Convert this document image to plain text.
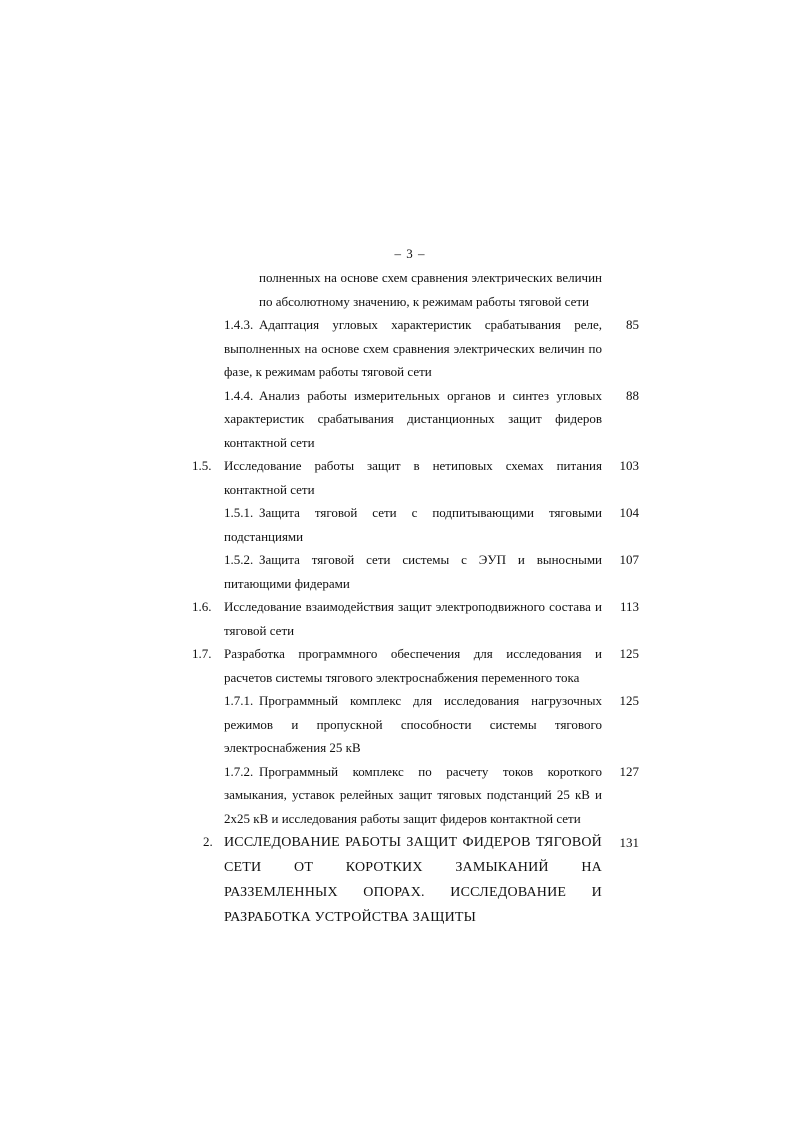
– 3 –
полненных на основе схем сравнения электрических величин по абсолютному значению, к режимам работы тяговой сети
1.4.3. Адаптация угловых характеристик срабатывания реле, выполненных на основе схем сравнения электрических величин по фазе, к режимам работы тяговой сети
85
1.4.4. Анализ работы измерительных органов и синтез угловых характеристик срабатывания дистанционных защит фидеров контактной сети
88
1.5. Исследование работы защит в нетиповых схемах питания контактной сети
103
1.5.1. Защита тяговой сети с подпитывающими тяговыми подстанциями
104
1.5.2. Защита тяговой сети системы с ЭУП и выносными питающими фидерами
107
1.6. Исследование взаимодействия защит электроподвижного состава и тяговой сети
113
1.7. Разработка программного обеспечения для исследования и расчетов системы тягового электроснабжения переменного тока
125
1.7.1. Программный комплекс для исследования нагрузочных режимов и пропускной способности системы тягового электроснабжения 25 кВ
125
1.7.2. Программный комплекс по расчету токов короткого замыкания, уставок релейных защит тяговых подстанций 25 кВ и 2х25 кВ и исследования работы защит фидеров контактной сети
127
2. ИССЛЕДОВАНИЕ РАБОТЫ ЗАЩИТ ФИДЕРОВ ТЯГОВОЙ СЕТИ ОТ КОРОТКИХ ЗАМЫКАНИЙ НА РАЗЗЕМЛЕННЫХ ОПОРАХ. ИССЛЕДОВАНИЕ И РАЗРАБОТКА УСТРОЙСТВА ЗАЩИТЫ
131
